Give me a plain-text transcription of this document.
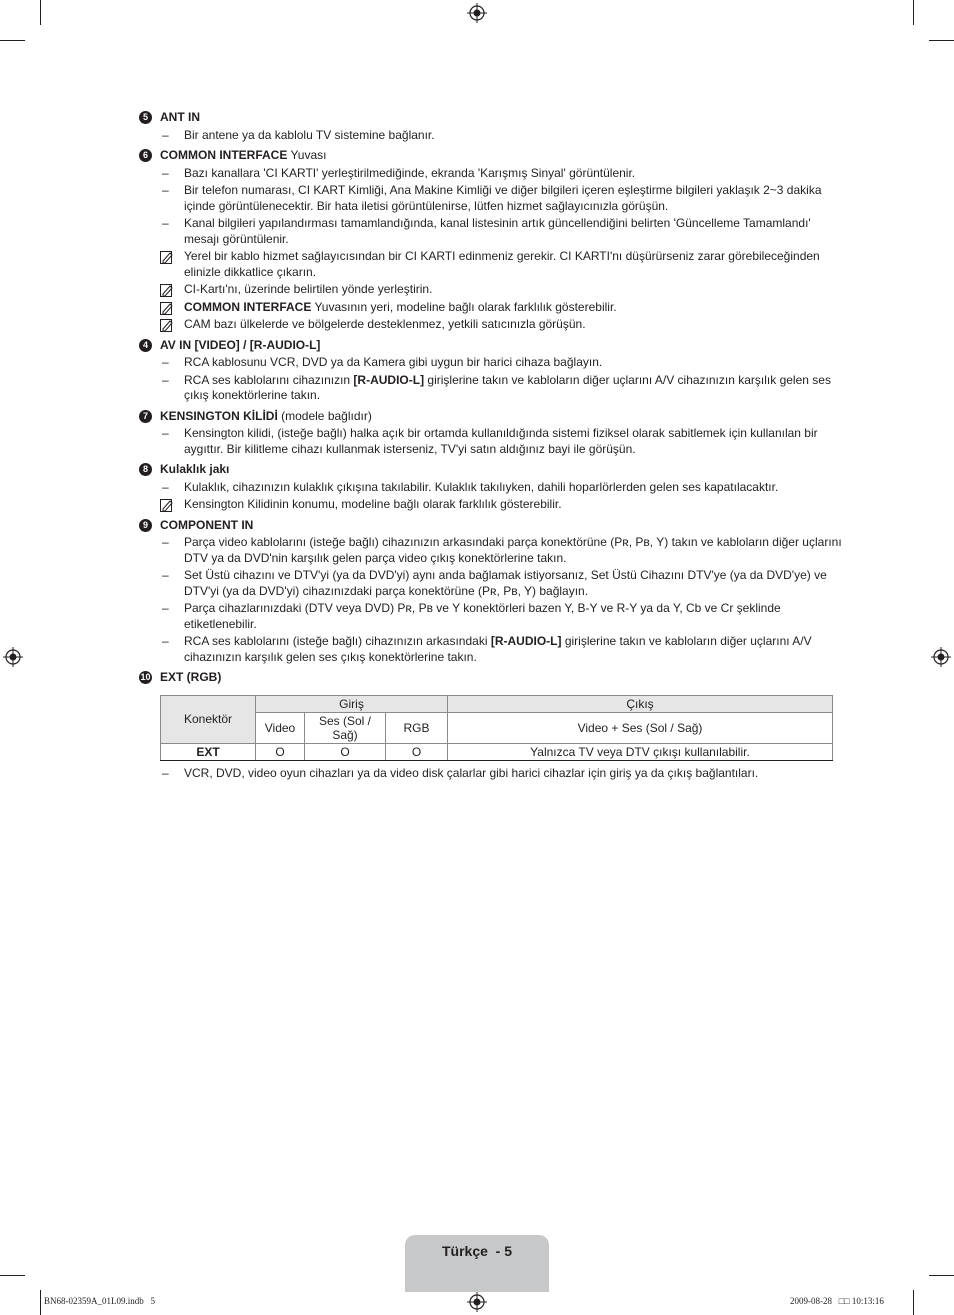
5	ANT IN
–	Bir antene ya da kablolu TV sistemine bağlanır.
6	COMMON INTERFACE Yuvası
–	Bazı kanallara 'CI KARTI' yerleştirilmediğinde, ekranda 'Karışmış Sinyal' görüntülenir.
–	Bir telefon numarası, CI KART Kimliği, Ana Makine Kimliği ve diğer bilgileri içeren eşleştirme bilgileri yaklaşık 2~3 dakika içinde görüntülenecektir. Bir hata iletisi görüntülenirse, lütfen hizmet sağlayıcınızla görüşün.
–	Kanal bilgileri yapılandırması tamamlandığında, kanal listesinin artık güncellendiğini belirten 'Güncelleme Tamamlandı' mesajı görüntülenir.
Yerel bir kablo hizmet sağlayıcısından bir CI KARTI edinmeniz gerekir. CI KARTI'nı düşürürseniz zarar görebileceğinden elinizle dikkatlice çıkarın.
CI-Kartı'nı, üzerinde belirtilen yönde yerleştirin.
COMMON INTERFACE Yuvasının yeri, modeline bağlı olarak farklılık gösterebilir.
CAM bazı ülkelerde ve bölgelerde desteklenmez, yetkili satıcınızla görüşün.
4	AV IN [VIDEO] / [R-AUDIO-L]
–	RCA kablosunu VCR, DVD ya da Kamera gibi uygun bir harici cihaza bağlayın.
–	RCA ses kablolarını cihazınızın [R-AUDIO-L] girişlerine takın ve kabloların diğer uçlarını A/V cihazınızın karşılık gelen ses çıkış konektörlerine takın.
7	KENSINGTON KİLİDİ (modele bağlıdır)
–	Kensington kilidi, (isteğe bağlı) halka açık bir ortamda kullanıldığında sistemi fiziksel olarak sabitlemek için kullanılan bir aygıttır. Bir kilitleme cihazı kullanmak isterseniz, TV'yi satın aldığınız bayi ile görüşün.
8	Kulaklık jakı
–	Kulaklık, cihazınızın kulaklık çıkışına takılabilir. Kulaklık takılıyken, dahili hoparlörlerden gelen ses kapatılacaktır.
Kensington Kilidinin konumu, modeline bağlı olarak farklılık gösterebilir.
9	COMPONENT IN
–	Parça video kablolarını (isteğe bağlı) cihazınızın arkasındaki parça konektörüne (Pʀ, Pʙ, Y) takın ve kabloların diğer uçlarını DTV ya da DVD'nin karşılık gelen parça video çıkış konektörlerine takın.
–	Set Üstü cihazını ve DTV'yi (ya da DVD'yi) aynı anda bağlamak istiyorsanız, Set Üstü Cihazını DTV'ye (ya da DVD'ye) ve DTV'yi (ya da DVD'yi) cihazınızdaki parça konektörüne (Pʀ, Pʙ, Y) bağlayın.
–	Parça cihazlarınızdaki (DTV veya DVD) Pʀ, Pʙ ve Y konektörleri bazen Y, B-Y ve R-Y ya da Y, Cb ve Cr şeklinde etiketlenebilir.
–	RCA ses kablolarını (isteğe bağlı) cihazınızın arkasındaki [R-AUDIO-L] girişlerine takın ve kabloların diğer uçlarını A/V cihazınızın karşılık gelen ses çıkış konektörlerine takın.
10 EXT (RGB)
Konektör	Giriş			Çıkış
	Video	Ses (Sol / Sağ)	RGB	Video + Ses (Sol / Sağ)
EXT	O	O	O	Yalnızca TV veya DTV çıkışı kullanılabilir.
–	VCR, DVD, video oyun cihazları ya da video disk çalarlar gibi harici cihazlar için giriş ya da çıkış bağlantıları.
Türkçe  - 5
BN68-02359A_01L09.indb   5	2009-08-28   □□ 10:13:16
